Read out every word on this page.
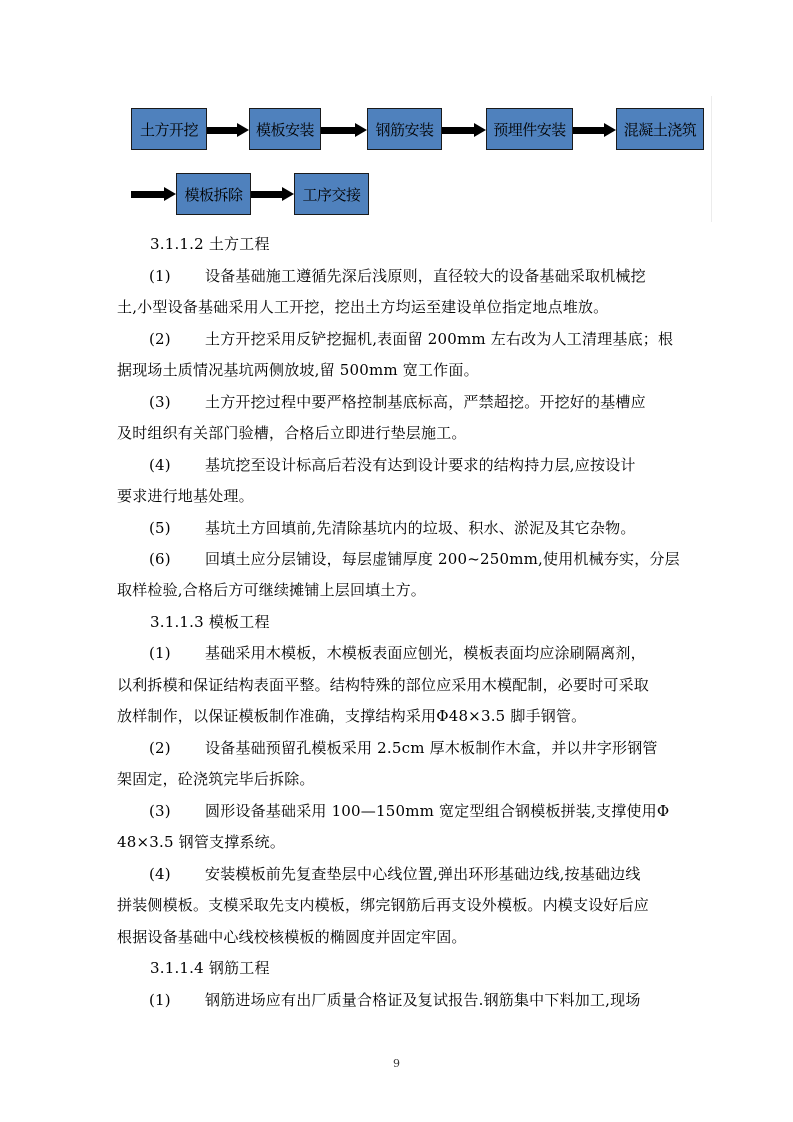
土方开挖	模板安装	钢筋安装	预埋件安装	混凝土浇筑
模板拆除	工序交接
3.1.1.2 土方工程
(1) 设备基础施工遵循先深后浅原则，直径较大的设备基础采取机械挖
土,小型设备基础采用人工开挖，挖出土方均运至建设单位指定地点堆放。
(2) 土方开挖采用反铲挖掘机,表面留 200mm 左右改为人工清理基底；根
据现场土质情况基坑两侧放坡,留 500mm 宽工作面。
(3) 土方开挖过程中要严格控制基底标高，严禁超挖。开挖好的基槽应
及时组织有关部门验槽，合格后立即进行垫层施工。
(4) 基坑挖至设计标高后若没有达到设计要求的结构持力层,应按设计
要求进行地基处理。
(5) 基坑土方回填前,先清除基坑内的垃圾、积水、淤泥及其它杂物。
(6) 回填土应分层铺设，每层虚铺厚度 200~250mm,使用机械夯实，分层
取样检验,合格后方可继续摊铺上层回填土方。
3.1.1.3 模板工程
(1) 基础采用木模板，木模板表面应刨光，模板表面均应涂刷隔离剂，
以利拆模和保证结构表面平整。结构特殊的部位应采用木模配制，必要时可采取
放样制作，以保证模板制作准确，支撑结构采用Φ48×3.5 脚手钢管。
(2) 设备基础预留孔模板采用 2.5cm 厚木板制作木盒，并以井字形钢管
架固定，砼浇筑完毕后拆除。
(3) 圆形设备基础采用 100—150mm 宽定型组合钢模板拼装,支撑使用Φ
48×3.5 钢管支撑系统。
(4) 安装模板前先复查垫层中心线位置,弹出环形基础边线,按基础边线
拼装侧模板。支模采取先支内模板，绑完钢筋后再支设外模板。内模支设好后应
根据设备基础中心线校核模板的椭圆度并固定牢固。
3.1.1.4 钢筋工程
(1) 钢筋进场应有出厂质量合格证及复试报告.钢筋集中下料加工,现场
9
